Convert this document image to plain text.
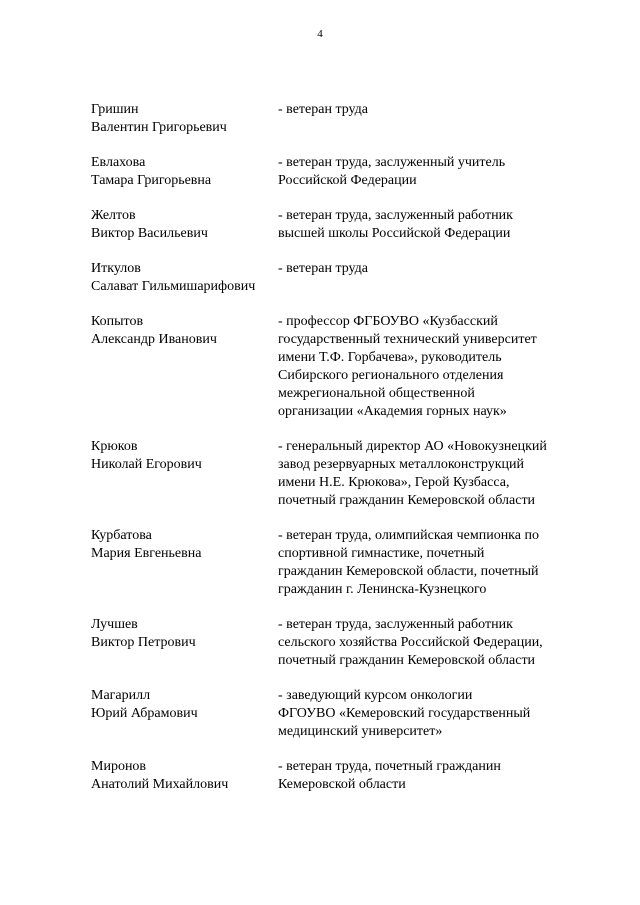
4
Гришин
Валентин Григорьевич
- ветеран труда
Евлахова
Тамара Григорьевна
- ветеран труда, заслуженный учитель
Российской Федерации
Желтов
Виктор Васильевич
- ветеран труда, заслуженный работник
высшей школы Российской Федерации
Иткулов
Салават Гильмишарифович
- ветеран труда
Копытов
Александр Иванович
- профессор ФГБОУВО «Кузбасский
государственный технический университет
имени Т.Ф. Горбачева», руководитель
Сибирского регионального отделения
межрегиональной общественной
организации «Академия горных наук»
Крюков
Николай Егорович
- генеральный директор АО «Новокузнецкий
завод резервуарных металлоконструкций
имени Н.Е. Крюкова», Герой Кузбасса,
почетный гражданин Кемеровской области
Курбатова
Мария Евгеньевна
- ветеран труда, олимпийская чемпионка по
спортивной гимнастике, почетный
гражданин Кемеровской области, почетный
гражданин г. Ленинска-Кузнецкого
Лучшев
Виктор Петрович
- ветеран труда, заслуженный работник
сельского хозяйства Российской Федерации,
почетный гражданин Кемеровской области
Магарилл
Юрий Абрамович
- заведующий курсом онкологии
ФГОУВО «Кемеровский государственный
медицинский университет»
Миронов
Анатолий Михайлович
- ветеран труда, почетный гражданин
Кемеровской области
